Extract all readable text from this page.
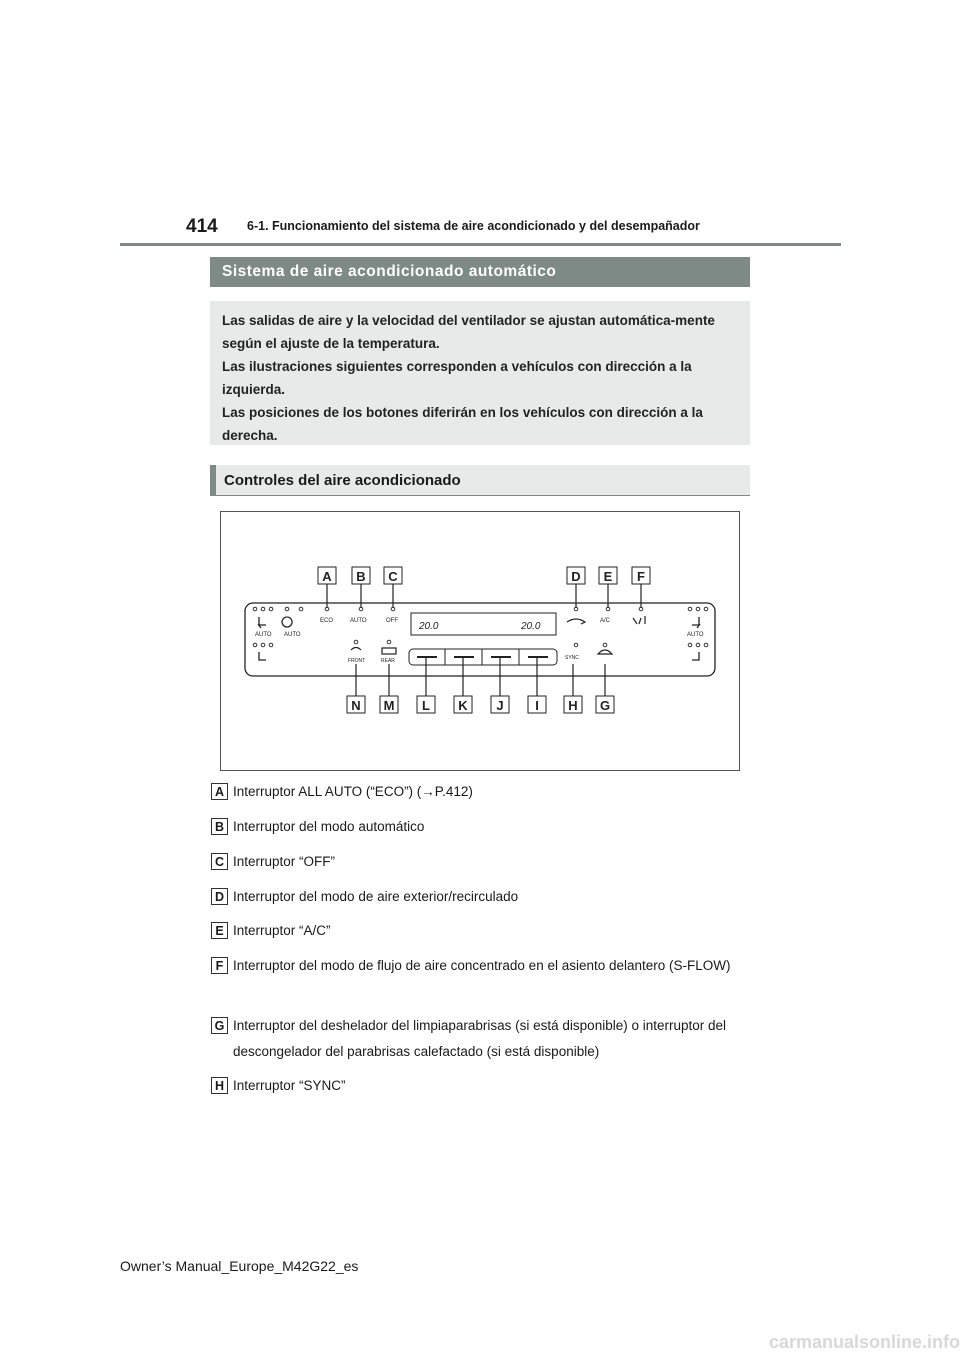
414 6-1. Funcionamiento del sistema de aire acondicionado y del desempañador
Sistema de aire acondicionado automático

Las salidas de aire y la velocidad del ventilador se ajustan automática-mente según el ajuste de la temperatura.

Las ilustraciones siguientes corresponden a vehículos con dirección a la izquierda.

Las posiciones de los botones diferirán en los vehículos con dirección a la derecha.

Controles del aire acondicionado
AUTO AUTO
ECO	AUTO	OFF	A/C
AUTO
FRONT	REAR	SYNC
20.0	20.0
A B C	D E F
N M L K J I H G
A Interruptor ALL AUTO (“ECO”) (→P.412)
B Interruptor del modo automático
C Interruptor “OFF”
D Interruptor del modo de aire exterior/recirculado
E Interruptor “A/C”
F Interruptor del modo de flujo de aire concentrado en el asiento delantero (S-FLOW)
G Interruptor del deshelador del limpiaparabrisas (si está disponible) o interruptor del descongelador del parabrisas calefactado (si está disponible)
H Interruptor “SYNC”
Owner’s Manual_Europe_M42G22_es
carmanualsonline.info
